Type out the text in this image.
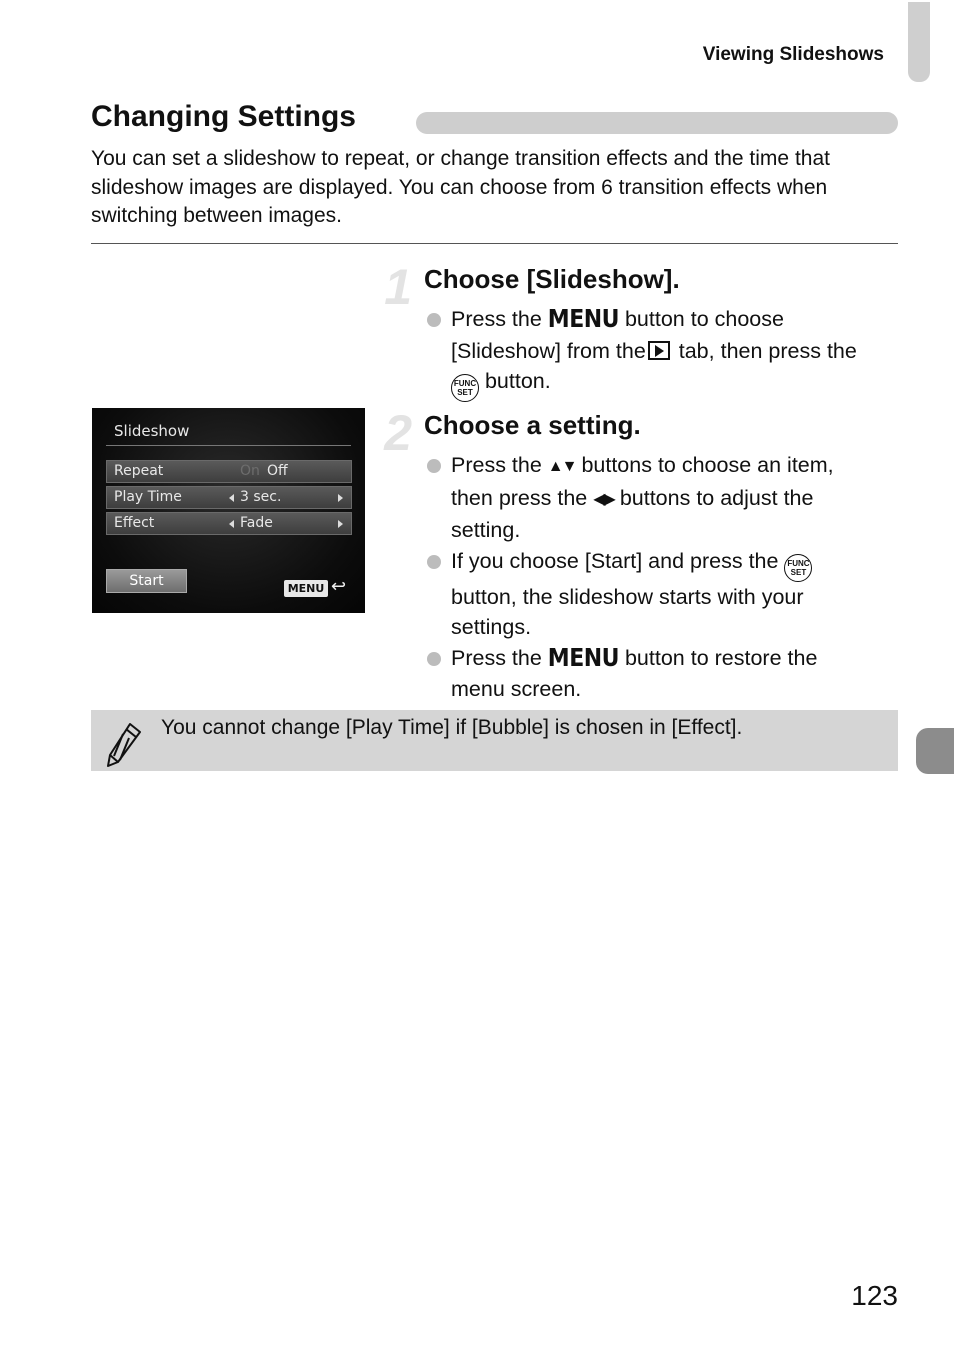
Viewing Slideshows
Changing Settings
You can set a slideshow to repeat, or change transition effects and the time that slideshow images are displayed. You can choose from 6 transition effects when switching between images.
1 Choose [Slideshow].
Press the MENU button to choose
[Slideshow] from the tab, then press the
FUNC
SET button.
Slideshow
Repeat	On Off
Play Time	3 sec.
Effect	Fade
Start	MENU ↩
2 Choose a setting.
Press the ▲▼ buttons to choose an item,
then press the ◀▶ buttons to adjust the
setting.
If you choose [Start] and press the FUNC
SET
button, the slideshow starts with your
settings.
Press the MENU button to restore the
menu screen.
You cannot change [Play Time] if [Bubble] is chosen in [Effect].
123
